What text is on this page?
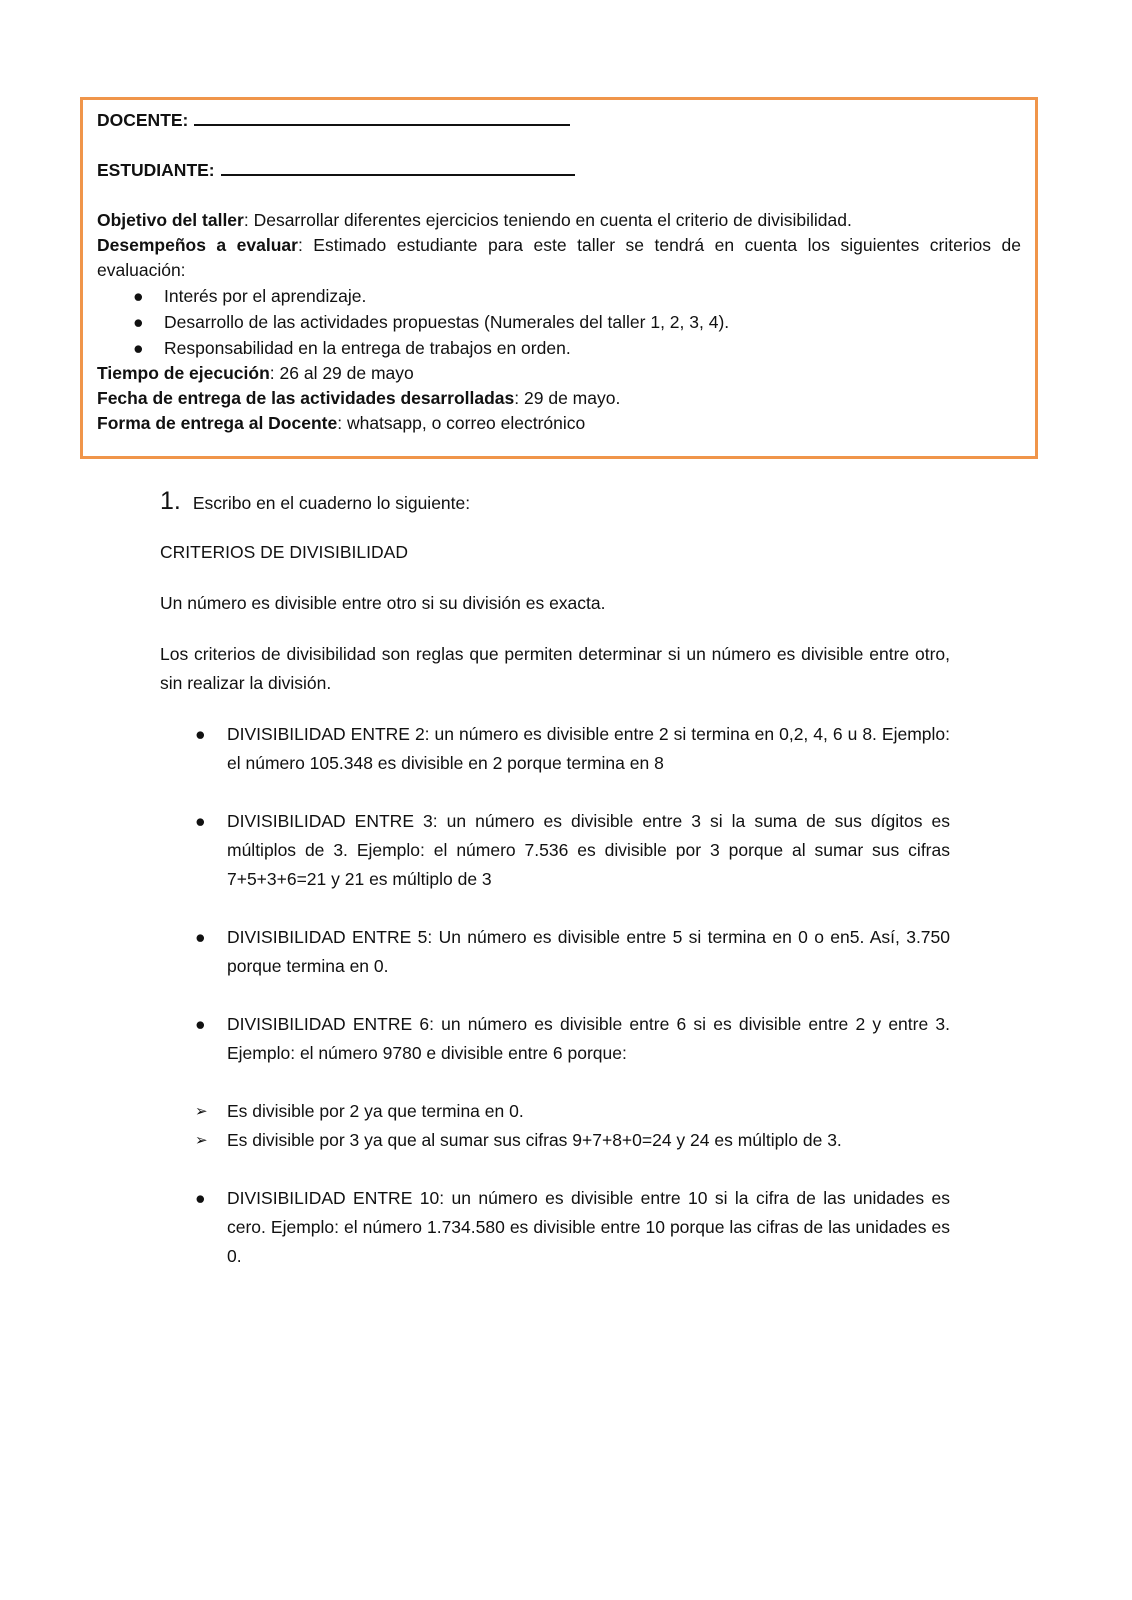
DOCENTE:
ESTUDIANTE:
Objetivo del taller: Desarrollar diferentes ejercicios teniendo en cuenta el criterio de divisibilidad.
Desempeños a evaluar: Estimado estudiante para este taller se tendrá en cuenta los siguientes criterios de evaluación:
● Interés por el aprendizaje.
● Desarrollo de las actividades propuestas (Numerales del taller 1, 2, 3, 4).
● Responsabilidad en la entrega de trabajos en orden.
Tiempo de ejecución: 26 al 29 de mayo
Fecha de entrega de las actividades desarrolladas: 29 de mayo.
Forma de entrega al Docente: whatsapp, o correo electrónico
1. Escribo en el cuaderno lo siguiente:

CRITERIOS DE DIVISIBILIDAD

Un número es divisible entre otro si su división es exacta.

Los criterios de divisibilidad son reglas que permiten determinar si un número es divisible entre otro, sin realizar la división.

● DIVISIBILIDAD ENTRE 2: un número es divisible entre 2 si termina en 0,2, 4, 6 u 8. Ejemplo: el número 105.348 es divisible en 2 porque termina en 8
● DIVISIBILIDAD ENTRE 3: un número es divisible entre 3 si la suma de sus dígitos es múltiplos de 3. Ejemplo: el número 7.536 es divisible por 3 porque al sumar sus cifras 7+5+3+6=21 y 21 es múltiplo de 3
● DIVISIBILIDAD ENTRE 5: Un número es divisible entre 5 si termina en 0 o en5. Así, 3.750 porque termina en 0.
● DIVISIBILIDAD ENTRE 6: un número es divisible entre 6 si es divisible entre 2 y entre 3. Ejemplo: el número 9780 e divisible entre 6 porque:
➢ Es divisible por 2 ya que termina en 0.
➢ Es divisible por 3 ya que al sumar sus cifras 9+7+8+0=24 y 24 es múltiplo de 3.
● DIVISIBILIDAD ENTRE 10: un número es divisible entre 10 si la cifra de las unidades es cero. Ejemplo: el número 1.734.580 es divisible entre 10 porque las cifras de las unidades es 0.
